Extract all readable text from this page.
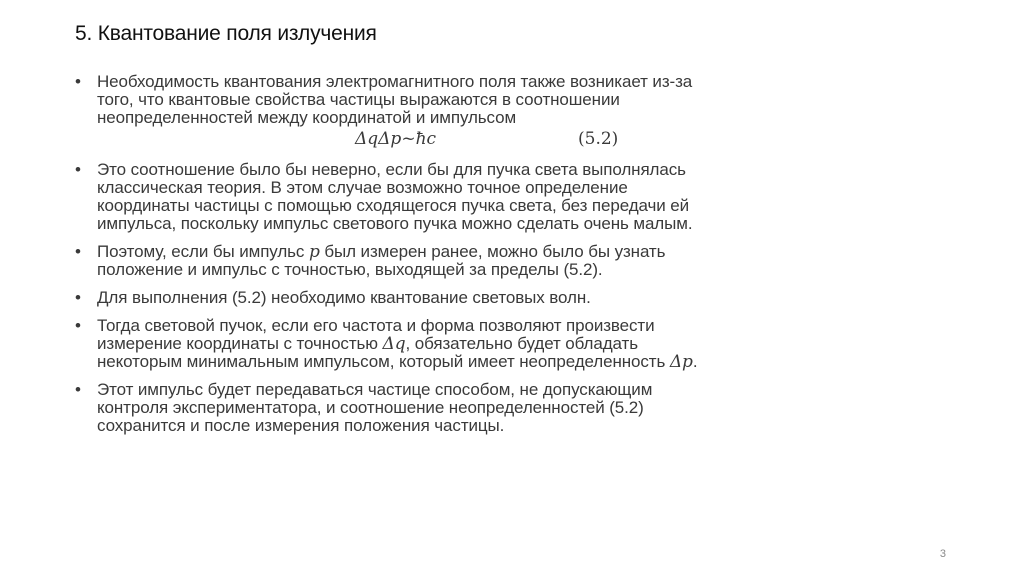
5. Квантование поля излучения
• Необходимость квантования электромагнитного поля также возникает из-за
того, что квантовые свойства частицы выражаются в соотношении
неопределенностей между координатой и импульсом
ΔqΔp~ħc	(5.2)
• Это соотношение было бы неверно, если бы для пучка света выполнялась
классическая теория. В этом случае возможно точное определение
координаты частицы с помощью сходящегося пучка света, без передачи ей
импульса, поскольку импульс светового пучка можно сделать очень малым.
• Поэтому, если бы импульс p был измерен ранее, можно было бы узнать
положение и импульс с точностью, выходящей за пределы (5.2).
• Для выполнения (5.2) необходимо квантование световых волн.
• Тогда световой пучок, если его частота и форма позволяют произвести
измерение координаты с точностью Δq, обязательно будет обладать
некоторым минимальным импульсом, который имеет неопределенность Δp.
• Этот импульс будет передаваться частице способом, не допускающим
контроля экспериментатора, и соотношение неопределенностей (5.2)
сохранится и после измерения положения частицы.
3
